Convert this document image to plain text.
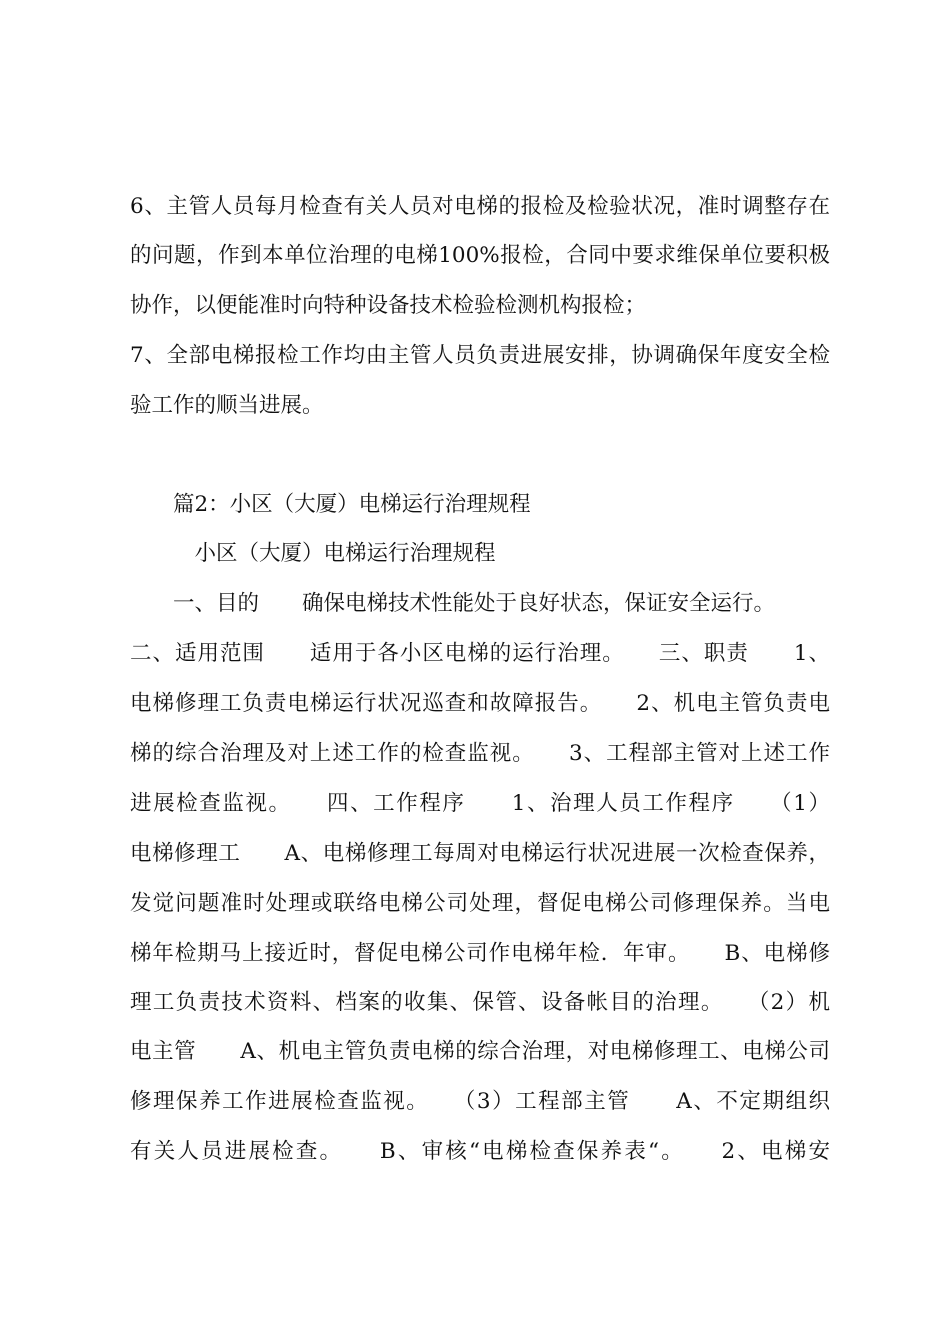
6、主管人员每月检查有关人员对电梯的报检及检验状况，准时调整存在
的问题，作到本单位治理的电梯100%报检，合同中要求维保单位要积极
协作，以便能准时向特种设备技术检验检测机构报检；
7、全部电梯报检工作均由主管人员负责进展安排，协调确保年度安全检
验工作的顺当进展。
　　篇2：小区（大厦）电梯运行治理规程
　　　小区（大厦）电梯运行治理规程
　　一、目的　　确保电梯技术性能处于良好状态，保证安全运行。
二、适用范围　　适用于各小区电梯的运行治理。　　三、职责　　1、
电梯修理工负责电梯运行状况巡查和故障报告。　　2、机电主管负责电
梯的综合治理及对上述工作的检查监视。　　3、工程部主管对上述工作
进展检查监视。　　四、工作程序　　1、治理人员工作程序　　（1）
电梯修理工　　A、电梯修理工每周对电梯运行状况进展一次检查保养，
发觉问题准时处理或联络电梯公司处理，督促电梯公司修理保养。当电
梯年检期马上接近时，督促电梯公司作电梯年检．年审。　　B、电梯修
理工负责技术资料、档案的收集、保管、设备帐目的治理。　　（2）机
电主管　　A、机电主管负责电梯的综合治理，对电梯修理工、电梯公司
修理保养工作进展检查监视。　　（3）工程部主管　　A、不定期组织
有关人员进展检查。　　B、审核“电梯检查保养表“。　　2、电梯安
